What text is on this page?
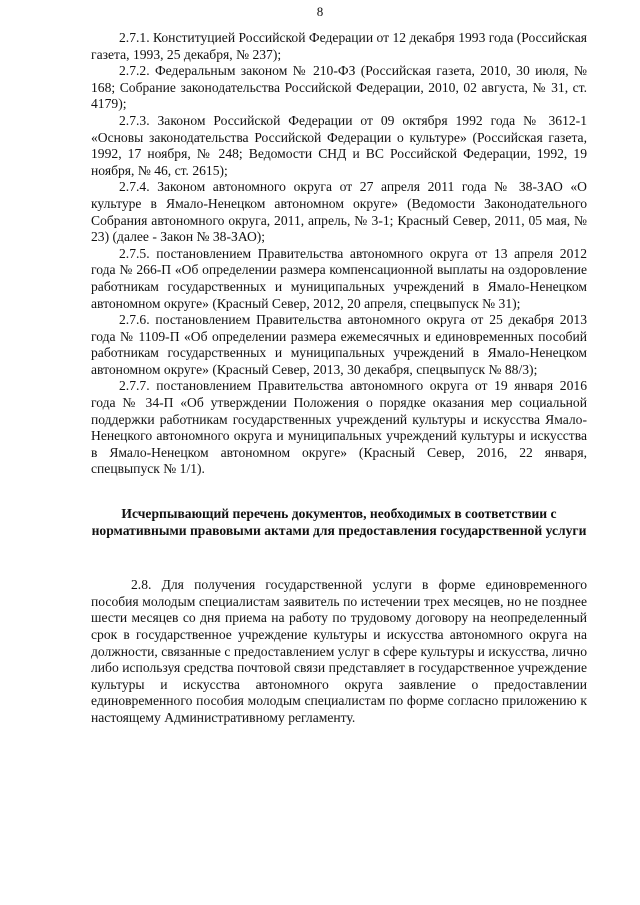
8

2.7.1. Конституцией Российской Федерации от 12 декабря 1993 года (Российская газета, 1993, 25 декабря, № 237);

2.7.2. Федеральным законом № 210-ФЗ (Российская газета, 2010, 30 июля, № 168; Собрание законодательства Российской Федерации, 2010, 02 августа, № 31, ст. 4179);

2.7.3. Законом Российской Федерации от 09 октября 1992 года № 3612-1 «Основы законодательства Российской Федерации о культуре» (Российская газета, 1992, 17 ноября, № 248; Ведомости СНД и ВС Российской Федерации, 1992, 19 ноября, № 46, ст. 2615);

2.7.4. Законом автономного округа от 27 апреля 2011 года № 38-ЗАО «О культуре в Ямало-Ненецком автономном округе» (Ведомости Законодательного Собрания автономного округа, 2011, апрель, № 3-1; Красный Север, 2011, 05 мая, № 23) (далее - Закон № 38-ЗАО);

2.7.5. постановлением Правительства автономного округа от 13 апреля 2012 года № 266-П «Об определении размера компенсационной выплаты на оздоровление работникам государственных и муниципальных учреждений в Ямало-Ненецком автономном округе» (Красный Север, 2012, 20 апреля, спецвыпуск № 31);

2.7.6. постановлением Правительства автономного округа от 25 декабря 2013 года № 1109-П «Об определении размера ежемесячных и единовременных пособий работникам государственных и муниципальных учреждений в Ямало-Ненецком автономном округе» (Красный Север, 2013, 30 декабря, спецвыпуск № 88/3);

2.7.7. постановлением Правительства автономного округа от 19 января 2016 года № 34-П «Об утверждении Положения о порядке оказания мер социальной поддержки работникам государственных учреждений культуры и искусства Ямало-Ненецкого автономного округа и муниципальных учреждений культуры и искусства в Ямало-Ненецком автономном округе» (Красный Север, 2016, 22 января, спецвыпуск № 1/1).

Исчерпывающий перечень документов, необходимых в соответствии с нормативными правовыми актами для предоставления государственной услуги

2.8. Для получения государственной услуги в форме единовременного пособия молодым специалистам заявитель по истечении трех месяцев, но не позднее шести месяцев со дня приема на работу по трудовому договору на неопределенный срок в государственное учреждение культуры и искусства автономного округа на должности, связанные с предоставлением услуг в сфере культуры и искусства, лично либо используя средства почтовой связи представляет в государственное учреждение культуры и искусства автономного округа заявление о предоставлении единовременного пособия молодым специалистам по форме согласно приложению к настоящему Административному регламенту.
